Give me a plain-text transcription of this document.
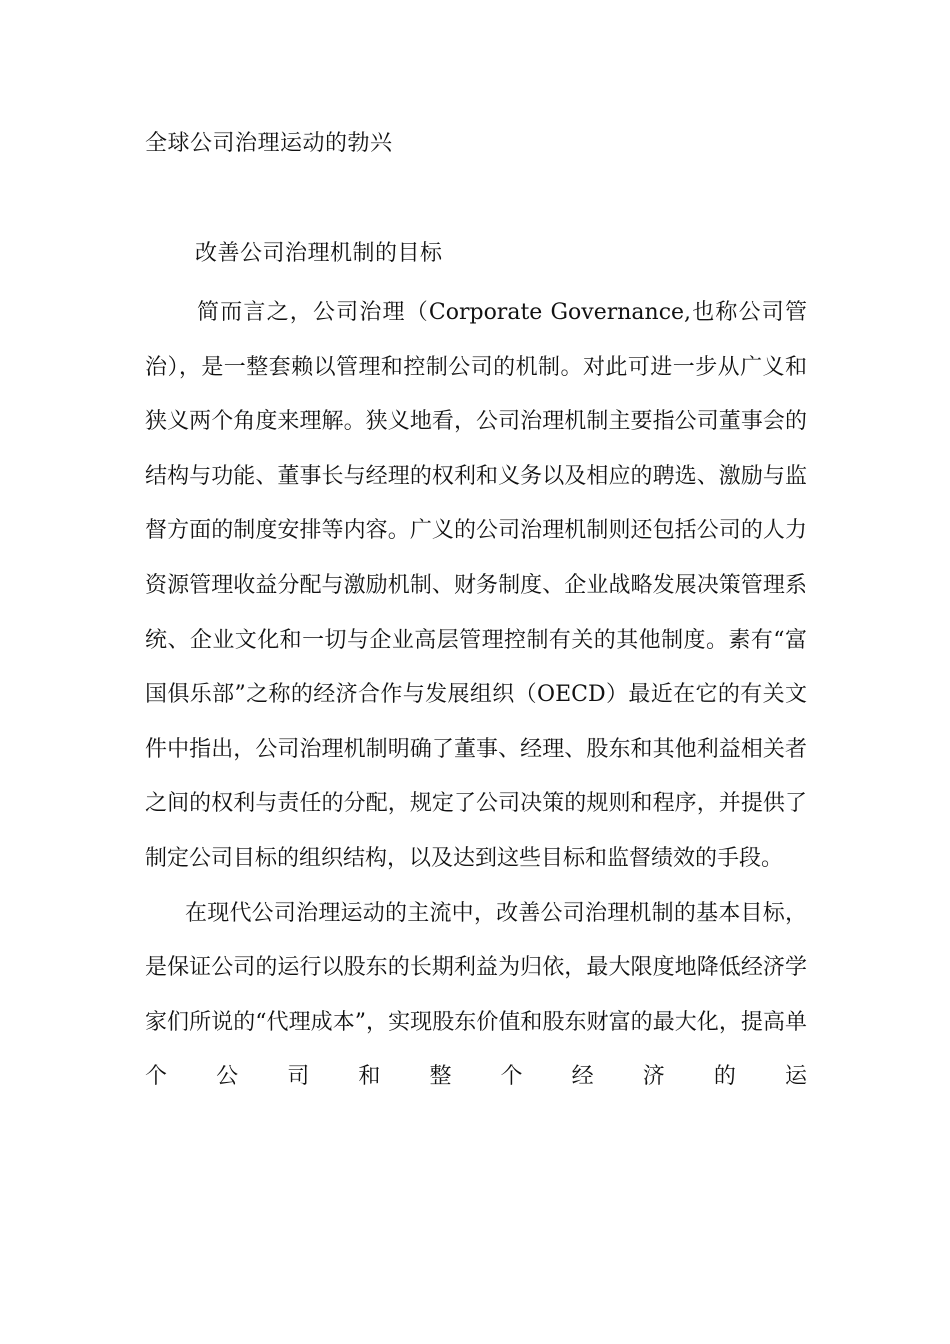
全球公司治理运动的勃兴
改善公司治理机制的目标

简而言之，公司治理（Corporate Governance,也称公司管治），是一整套赖以管理和控制公司的机制。对此可进一步从广义和狭义两个角度来理解。狭义地看，公司治理机制主要指公司董事会的结构与功能、董事长与经理的权利和义务以及相应的聘选、激励与监督方面的制度安排等内容。广义的公司治理机制则还包括公司的人力资源管理收益分配与激励机制、财务制度、企业战略发展决策管理系统、企业文化和一切与企业高层管理控制有关的其他制度。素有“富国俱乐部”之称的经济合作与发展组织（OECD）最近在它的有关文件中指出，公司治理机制明确了董事、经理、股东和其他利益相关者之间的权利与责任的分配，规定了公司决策的规则和程序，并提供了制定公司目标的组织结构，以及达到这些目标和监督绩效的手段。

在现代公司治理运动的主流中，改善公司治理机制的基本目标，是保证公司的运行以股东的长期利益为归依，最大限度地降低经济学家们所说的“代理成本”，实现股东价值和股东财富的最大化，提高单个公司和整个经济的运
